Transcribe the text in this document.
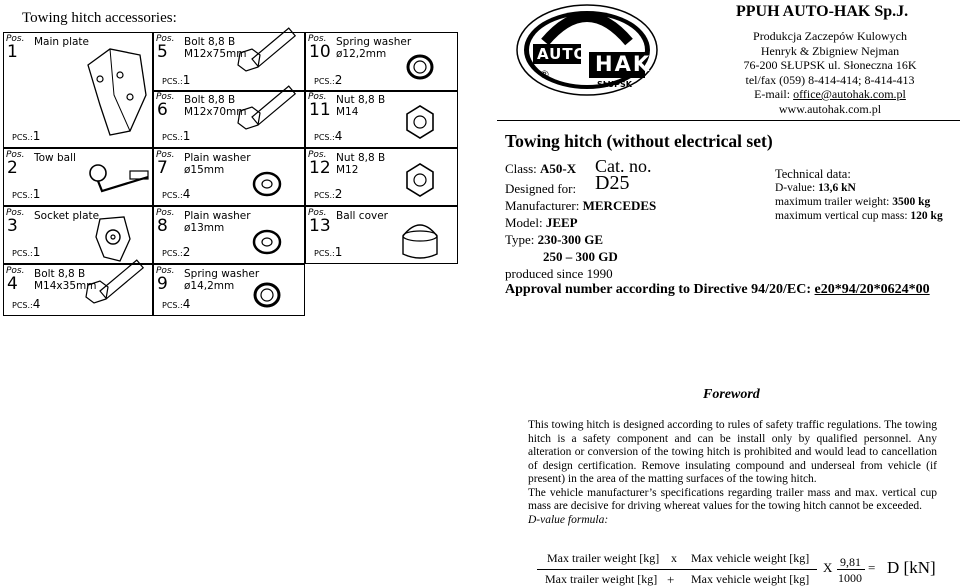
Towing hitch accessories:
Pos.
1 Main plate
PCS.:1
Pos.
2 Tow ball
PCS.:1
Pos.
3 Socket plate
PCS.:1
Pos.
4 Bolt 8,8 B
M14x35mm
PCS.:4
Pos.
5 Bolt 8,8 B
M12x75mm
PCS.:1
Pos.
6 Bolt 8,8 B
M12x70mm
PCS.:1
Pos.
7 Plain washer
ø15mm
PCS.:4
Pos.
8 Plain washer
ø13mm
PCS.:2
Pos.
9 Spring washer
ø14,2mm
PCS.:4
Pos.
10 Spring washer
ø12,2mm
PCS.:2
Pos.
11 Nut 8,8 B
M14
PCS.:4
Pos.
12 Nut 8,8 B
M12
PCS.:2
Pos.
13 Ball cover
PCS.:1
AUTO HAK
®
SŁUPSK
PPUH AUTO-HAK Sp.J.
Produkcja Zaczepów Kulowych
Henryk & Zbigniew Nejman
76-200 SŁUPSK ul. Słoneczna 16K
tel/fax (059) 8-414-414; 8-414-413
E-mail: office@autohak.com.pl
www.autohak.com.pl
Towing hitch (without electrical set)
Class: A50-X Cat. no. D25
Designed for:
Manufacturer: MERCEDES
Model: JEEP
Type: 230-300 GE
250 – 300 GD
produced since 1990
Technical data:
D-value: 13,6 kN
maximum trailer weight: 3500 kg
maximum vertical cup mass: 120 kg
Approval number according to Directive 94/20/EC: e20*94/20*0624*00
Foreword
This towing hitch is designed according to rules of safety traffic regulations. The towing hitch is a safety component and can be install only by qualified personnel. Any alteration or conversion of the towing hitch is prohibited and would lead to cancellation of design certification. Remove insulating compound and underseal from vehicle (if present) in the area of the matting surfaces of the towing hitch.
The vehicle manufacturer’s specifications regarding trailer mass and max. vertical cup mass are decisive for driving whereat values for the towing hitch cannot be exceeded.
D-value formula:
Max trailer weight [kg] x Max vehicle weight [kg]
Max trailer weight [kg] + Max vehicle weight [kg]
X 9,81
1000
= D [kN]
